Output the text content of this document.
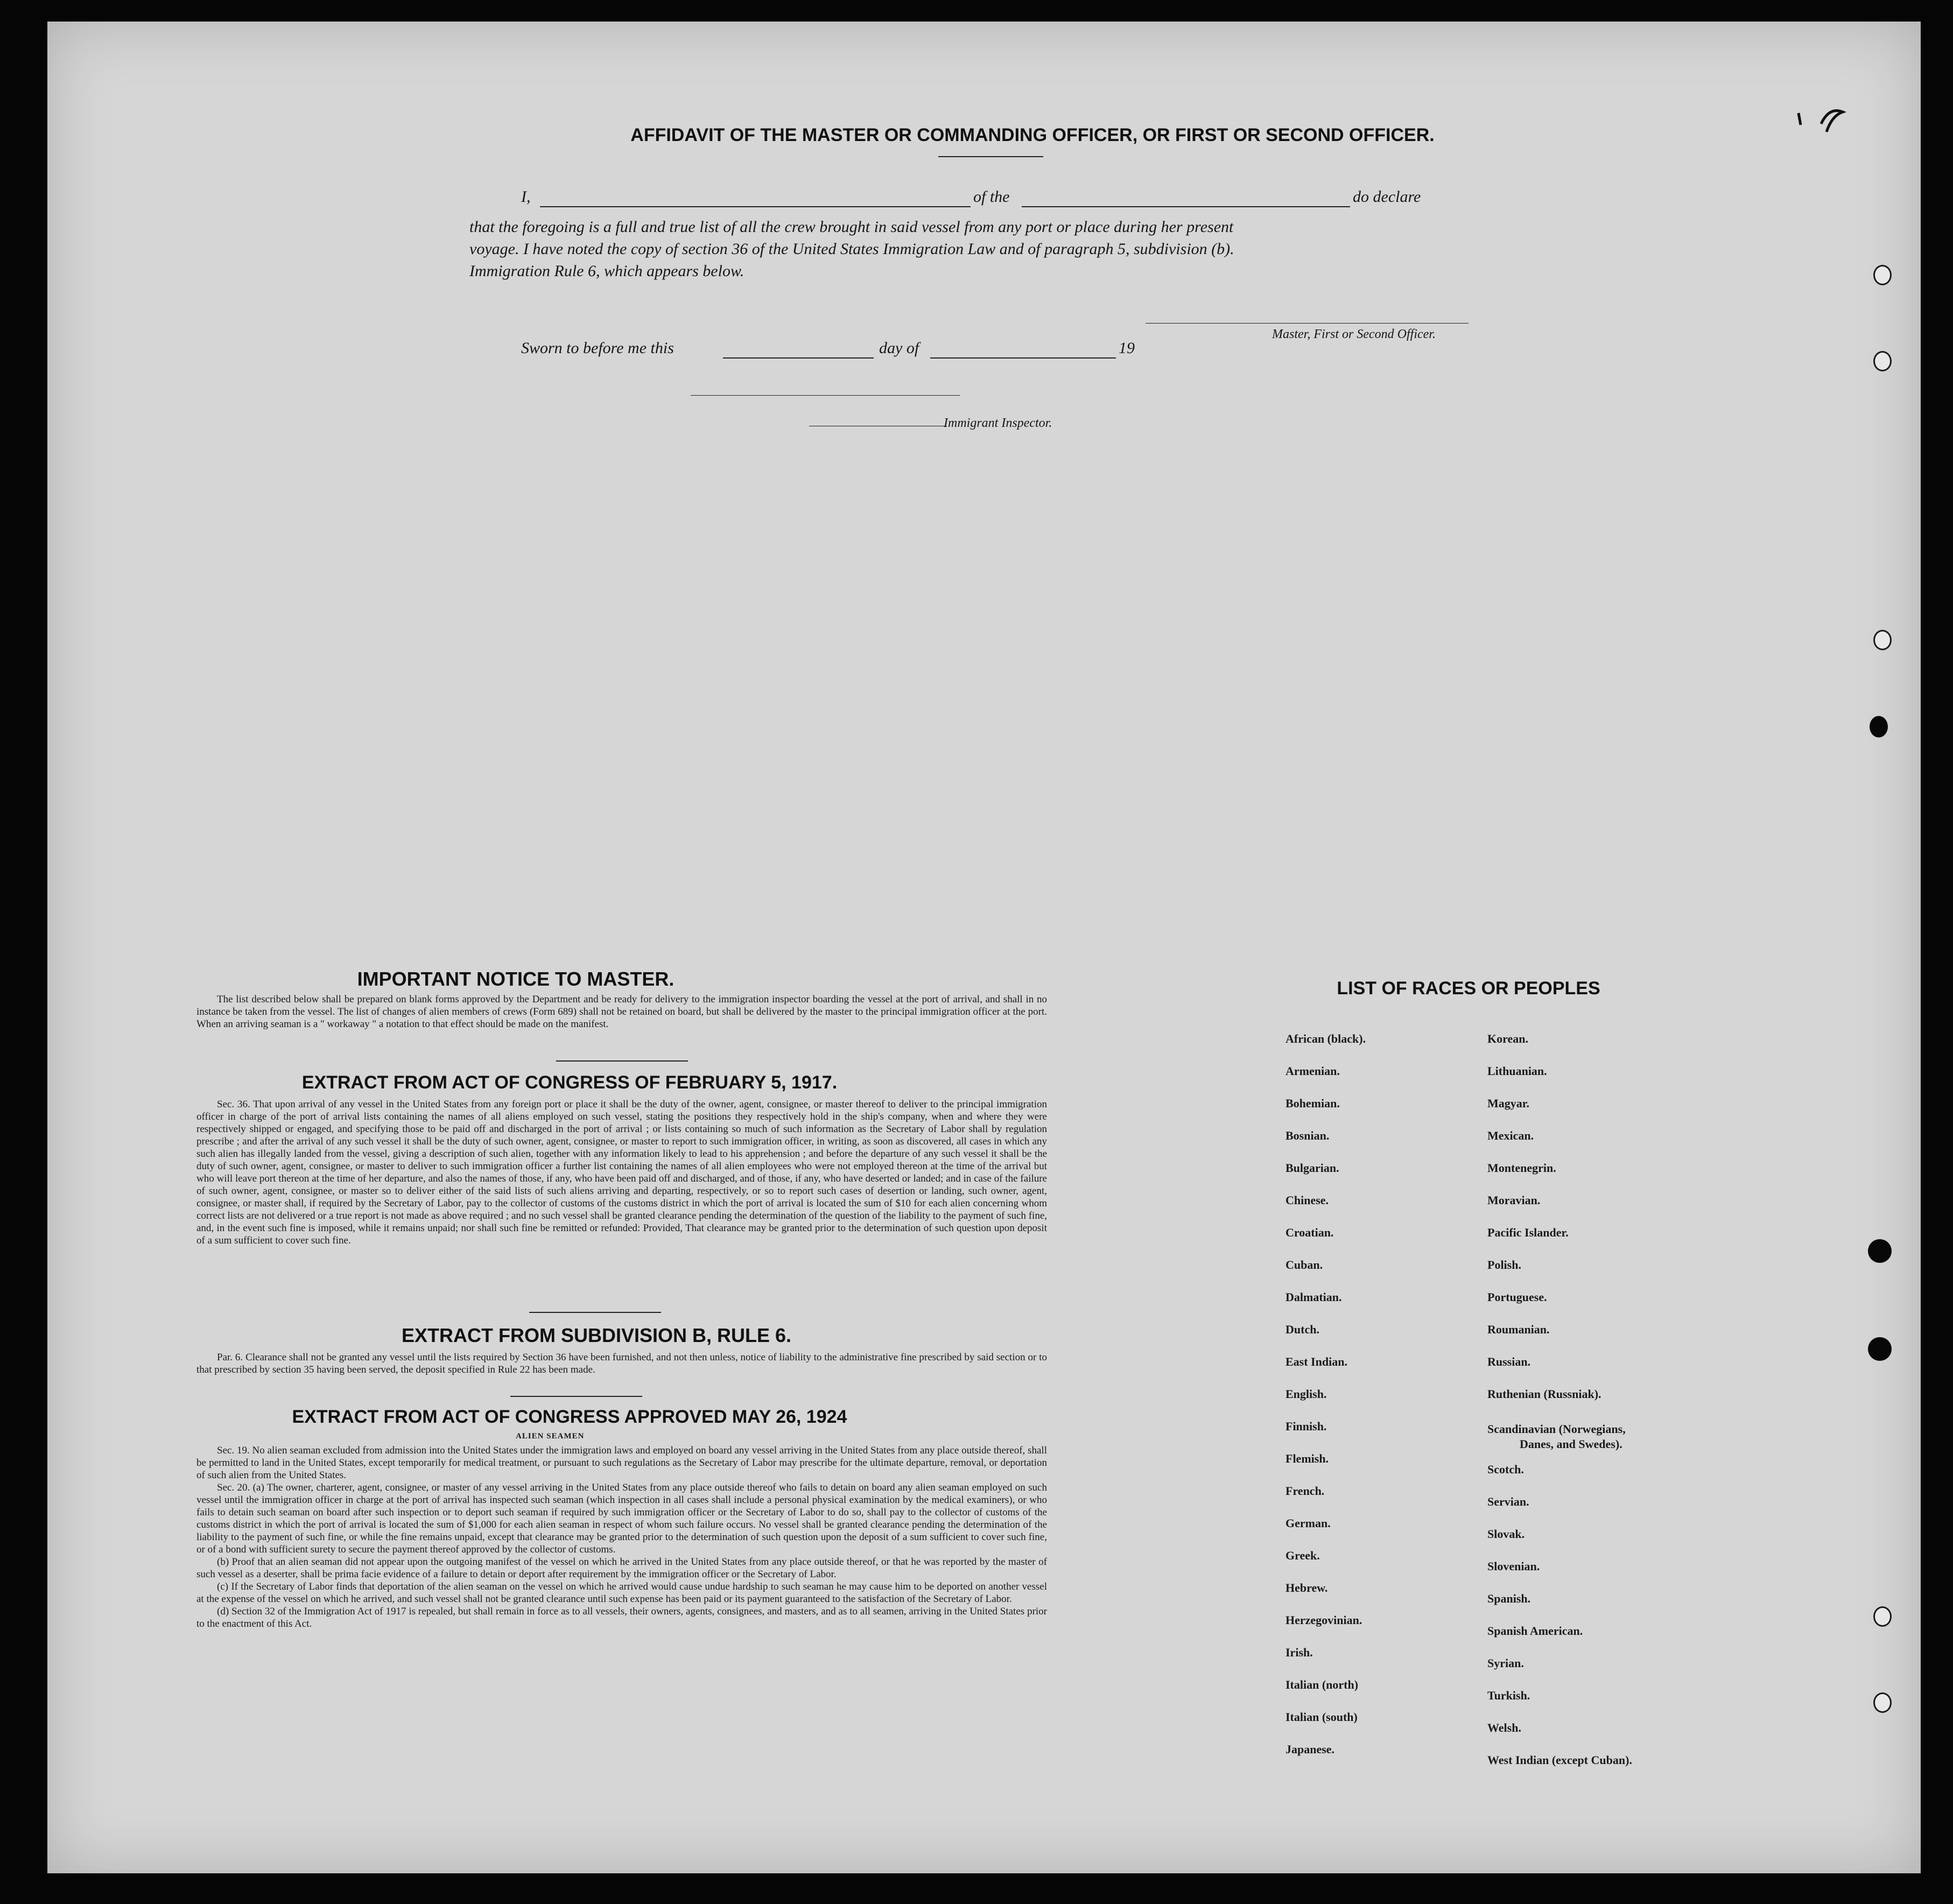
AFFIDAVIT OF THE MASTER OR COMMANDING OFFICER, OR FIRST OR SECOND OFFICER.
I,	of the	do declare
that the foregoing is a full and true list of all the crew brought in said vessel from any port or place during her present
voyage. I have noted the copy of section 36 of the United States Immigration Law and of paragraph 5, subdivision (b).
Immigration Rule 6, which appears below.
Master, First or Second Officer.
Sworn to before me this	day of	19
Immigrant Inspector.
IMPORTANT NOTICE TO MASTER.
The list described below shall be prepared on blank forms approved by the Department and be ready for delivery to the immigration inspector boarding the vessel at the port of arrival, and shall in no instance be taken from the vessel. The list of changes of alien members of crews (Form 689) shall not be retained on board, but shall be delivered by the master to the principal immigration officer at the port. When an arriving seaman is a " workaway " a notation to that effect should be made on the manifest.
EXTRACT FROM ACT OF CONGRESS OF FEBRUARY 5, 1917.
Sec. 36. That upon arrival of any vessel in the United States from any foreign port or place it shall be the duty of the owner, agent, consignee, or master thereof to deliver to the principal immigration officer in charge of the port of arrival lists containing the names of all aliens employed on such vessel, stating the positions they respectively hold in the ship's company, when and where they were respectively shipped or engaged, and specifying those to be paid off and discharged in the port of arrival ; or lists containing so much of such information as the Secretary of Labor shall by regulation prescribe ; and after the arrival of any such vessel it shall be the duty of such owner, agent, consignee, or master to report to such immigration officer, in writing, as soon as discovered, all cases in which any such alien has illegally landed from the vessel, giving a description of such alien, together with any information likely to lead to his apprehension ; and before the departure of any such vessel it shall be the duty of such owner, agent, consignee, or master to deliver to such immigration officer a further list containing the names of all alien employees who were not employed thereon at the time of the arrival but who will leave port thereon at the time of her departure, and also the names of those, if any, who have been paid off and discharged, and of those, if any, who have deserted or landed; and in case of the failure of such owner, agent, consignee, or master so to deliver either of the said lists of such aliens arriving and departing, respectively, or so to report such cases of desertion or landing, such owner, agent, consignee, or master shall, if required by the Secretary of Labor, pay to the collector of customs of the customs district in which the port of arrival is located the sum of $10 for each alien concerning whom correct lists are not delivered or a true report is not made as above required ; and no such vessel shall be granted clearance pending the determination of the question of the liability to the payment of such fine, and, in the event such fine is imposed, while it remains unpaid; nor shall such fine be remitted or refunded: Provided, That clearance may be granted prior to the determination of such question upon deposit of a sum sufficient to cover such fine.
EXTRACT FROM SUBDIVISION B, RULE 6.
Par. 6. Clearance shall not be granted any vessel until the lists required by Section 36 have been furnished, and not then unless, notice of liability to the administrative fine prescribed by said section or to that prescribed by section 35 having been served, the deposit specified in Rule 22 has been made.
EXTRACT FROM ACT OF CONGRESS APPROVED MAY 26, 1924
ALIEN SEAMEN

Sec. 19. No alien seaman excluded from admission into the United States under the immigration laws and employed on board any vessel arriving in the United States from any place outside thereof, shall be permitted to land in the United States, except temporarily for medical treatment, or pursuant to such regulations as the Secretary of Labor may prescribe for the ultimate departure, removal, or deportation of such alien from the United States.

Sec. 20. (a) The owner, charterer, agent, consignee, or master of any vessel arriving in the United States from any place outside thereof who fails to detain on board any alien seaman employed on such vessel until the immigration officer in charge at the port of arrival has inspected such seaman (which inspection in all cases shall include a personal physical examination by the medical examiners), or who fails to detain such seaman on board after such inspection or to deport such seaman if required by such immigration officer or the Secretary of Labor to do so, shall pay to the collector of customs of the customs district in which the port of arrival is located the sum of $1,000 for each alien seaman in respect of whom such failure occurs. No vessel shall be granted clearance pending the determination of the liability to the payment of such fine, or while the fine remains unpaid, except that clearance may be granted prior to the determination of such question upon the deposit of a sum sufficient to cover such fine, or of a bond with sufficient surety to secure the payment thereof approved by the collector of customs.

(b) Proof that an alien seaman did not appear upon the outgoing manifest of the vessel on which he arrived in the United States from any place outside thereof, or that he was reported by the master of such vessel as a deserter, shall be prima facie evidence of a failure to detain or deport after requirement by the immigration officer or the Secretary of Labor.

(c) If the Secretary of Labor finds that deportation of the alien seaman on the vessel on which he arrived would cause undue hardship to such seaman he may cause him to be deported on another vessel at the expense of the vessel on which he arrived, and such vessel shall not be granted clearance until such expense has been paid or its payment guaranteed to the satisfaction of the Secretary of Labor.

(d) Section 32 of the Immigration Act of 1917 is repealed, but shall remain in force as to all vessels, their owners, agents, consignees, and masters, and as to all seamen, arriving in the United States prior to the enactment of this Act.

LIST OF RACES OR PEOPLES
African (black).
Armenian.
Bohemian.
Bosnian.
Bulgarian.
Chinese.
Croatian.
Cuban.
Dalmatian.
Dutch.
East Indian.
English.
Finnish.
Flemish.
French.
German.
Greek.
Hebrew.
Herzegovinian.
Irish.
Italian (north)
Italian (south)
Japanese.
Korean.
Lithuanian.
Magyar.
Mexican.
Montenegrin.
Moravian.
Pacific Islander.
Polish.
Portuguese.
Roumanian.
Russian.
Ruthenian (Russniak).
Scandinavian (Norwegians,
Danes, and Swedes).
Scotch.
Servian.
Slovak.
Slovenian.
Spanish.
Spanish American.
Syrian.
Turkish.
Welsh.
West Indian (except Cuban).
